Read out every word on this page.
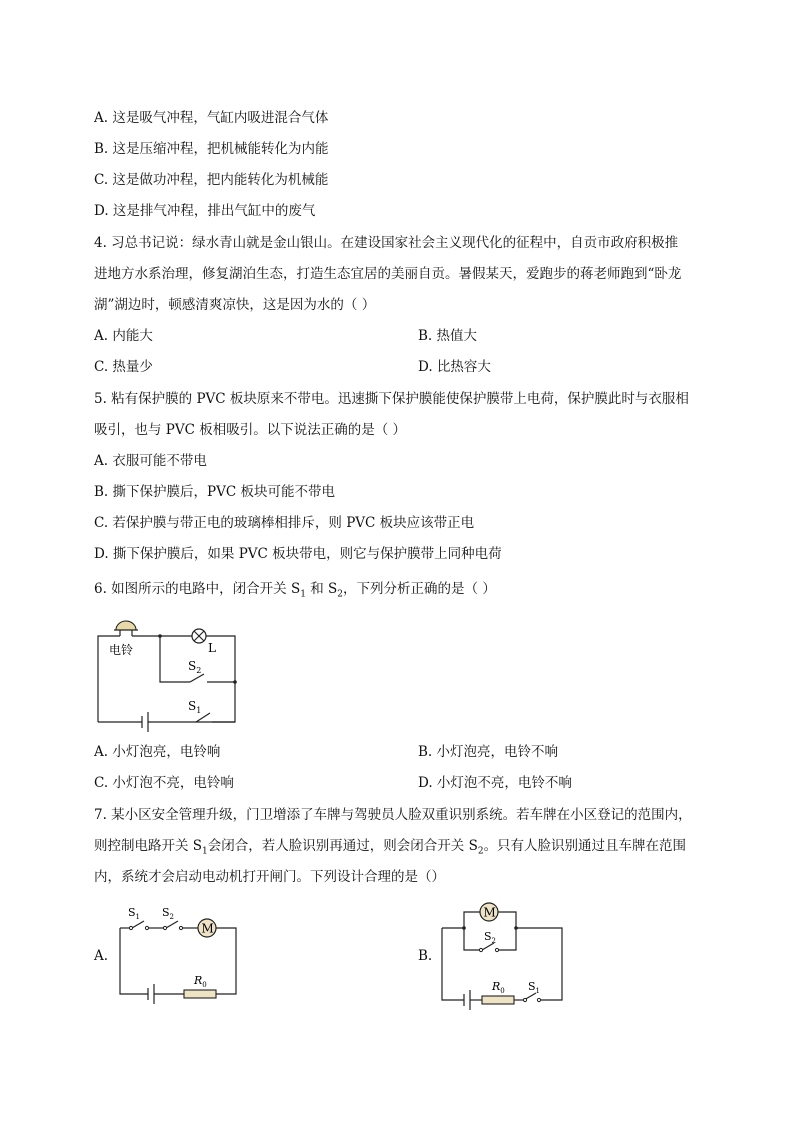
A. 这是吸气冲程，气缸内吸进混合气体
B. 这是压缩冲程，把机械能转化为内能
C. 这是做功冲程，把内能转化为机械能
D. 这是排气冲程，排出气缸中的废气
4. 习总书记说：绿水青山就是金山银山。在建设国家社会主义现代化的征程中，自贡市政府积极推
进地方水系治理，修复湖泊生态，打造生态宜居的美丽自贡。暑假某天，爱跑步的蒋老师跑到“卧龙
湖”湖边时，顿感清爽凉快，这是因为水的（ ）
A. 内能大	B. 热值大
C. 热量少	D. 比热容大
5. 粘有保护膜的 PVC 板块原来不带电。迅速撕下保护膜能使保护膜带上电荷，保护膜此时与衣服相
吸引，也与 PVC 板相吸引。以下说法正确的是（ ）
A. 衣服可能不带电
B. 撕下保护膜后，PVC 板块可能不带电
C. 若保护膜与带正电的玻璃棒相排斥，则 PVC 板块应该带正电
D. 撕下保护膜后，如果 PVC 板块带电，则它与保护膜带上同种电荷
6. 如图所示的电路中，闭合开关 $S_1$ 和 $S_2$，下列分析正确的是（ ）
电铃	L
$S_2$
$S_1$
A. 小灯泡亮，电铃响	B. 小灯泡亮，电铃不响
C. 小灯泡不亮，电铃响	D. 小灯泡不亮，电铃不响
7. 某小区安全管理升级，门卫增添了车牌与驾驶员人脸双重识别系统。若车牌在小区登记的范围内，
则控制电路开关 $S_1$会闭合，若人脸识别再通过，则会闭合开关 $S_2$。只有人脸识别通过且车牌在范围
内，系统才会启动电动机打开闸门。下列设计合理的是（）
A.
M
$S_1$ $S_2$
$R_0$
B.
M
$S_2$
$S_1$
$R_0$
